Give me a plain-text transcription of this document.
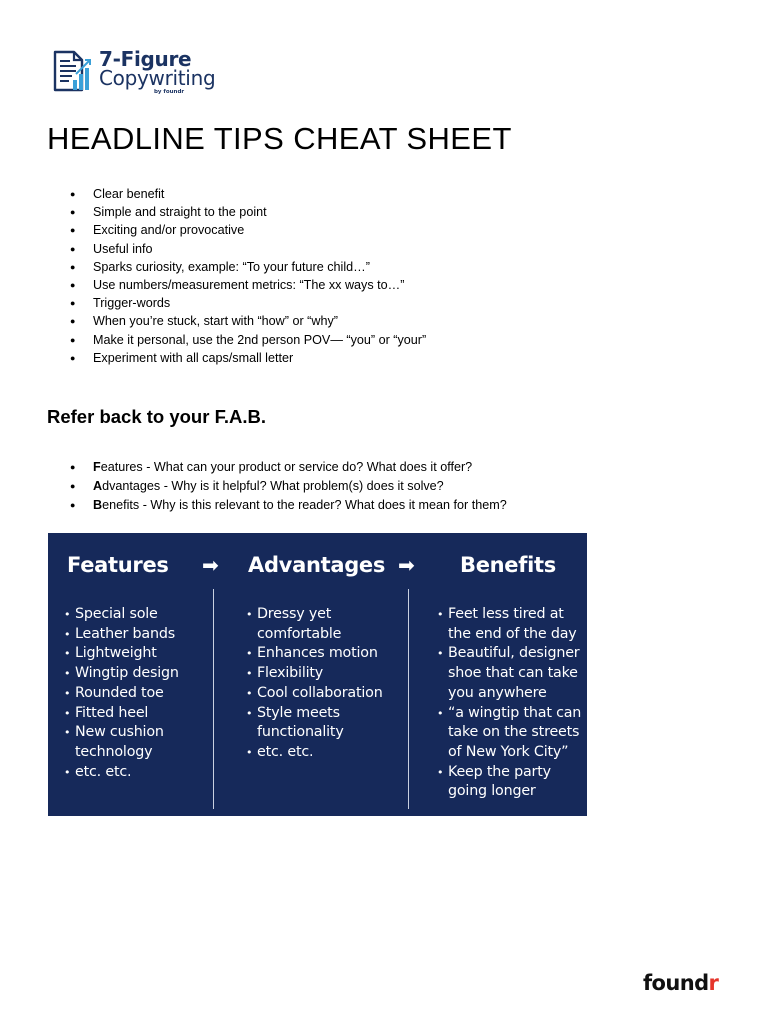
7-Figure
Copywriting
by foundr
HEADLINE TIPS CHEAT SHEET
● Clear benefit
● Simple and straight to the point
● Exciting and/or provocative
● Useful info
● Sparks curiosity, example: “To your future child…”
● Use numbers/measurement metrics: “The xx ways to…”
● Trigger-words
● When you’re stuck, start with “how” or “why”
● Make it personal, use the 2nd person POV— “you” or “your”
● Experiment with all caps/small letter
Refer back to your F.A.B.
● Features - What can your product or service do? What does it offer?
● Advantages - Why is it helpful? What problem(s) does it solve?
● Benefits - Why is this relevant to the reader? What does it mean for them?
Features ➡ Advantages ➡ Benefits
• Special sole
• Leather bands
• Lightweight
• Wingtip design
• Rounded toe
• Fitted heel
• New cushion technology
• etc. etc.
• Dressy yet comfortable
• Enhances motion
• Flexibility
• Cool collaboration
• Style meets functionality
• etc. etc.
• Feet less tired at the end of the day
• Beautiful, designer shoe that can take you anywhere
• “a wingtip that can take on the streets of New York City”
• Keep the party going longer
foundr
